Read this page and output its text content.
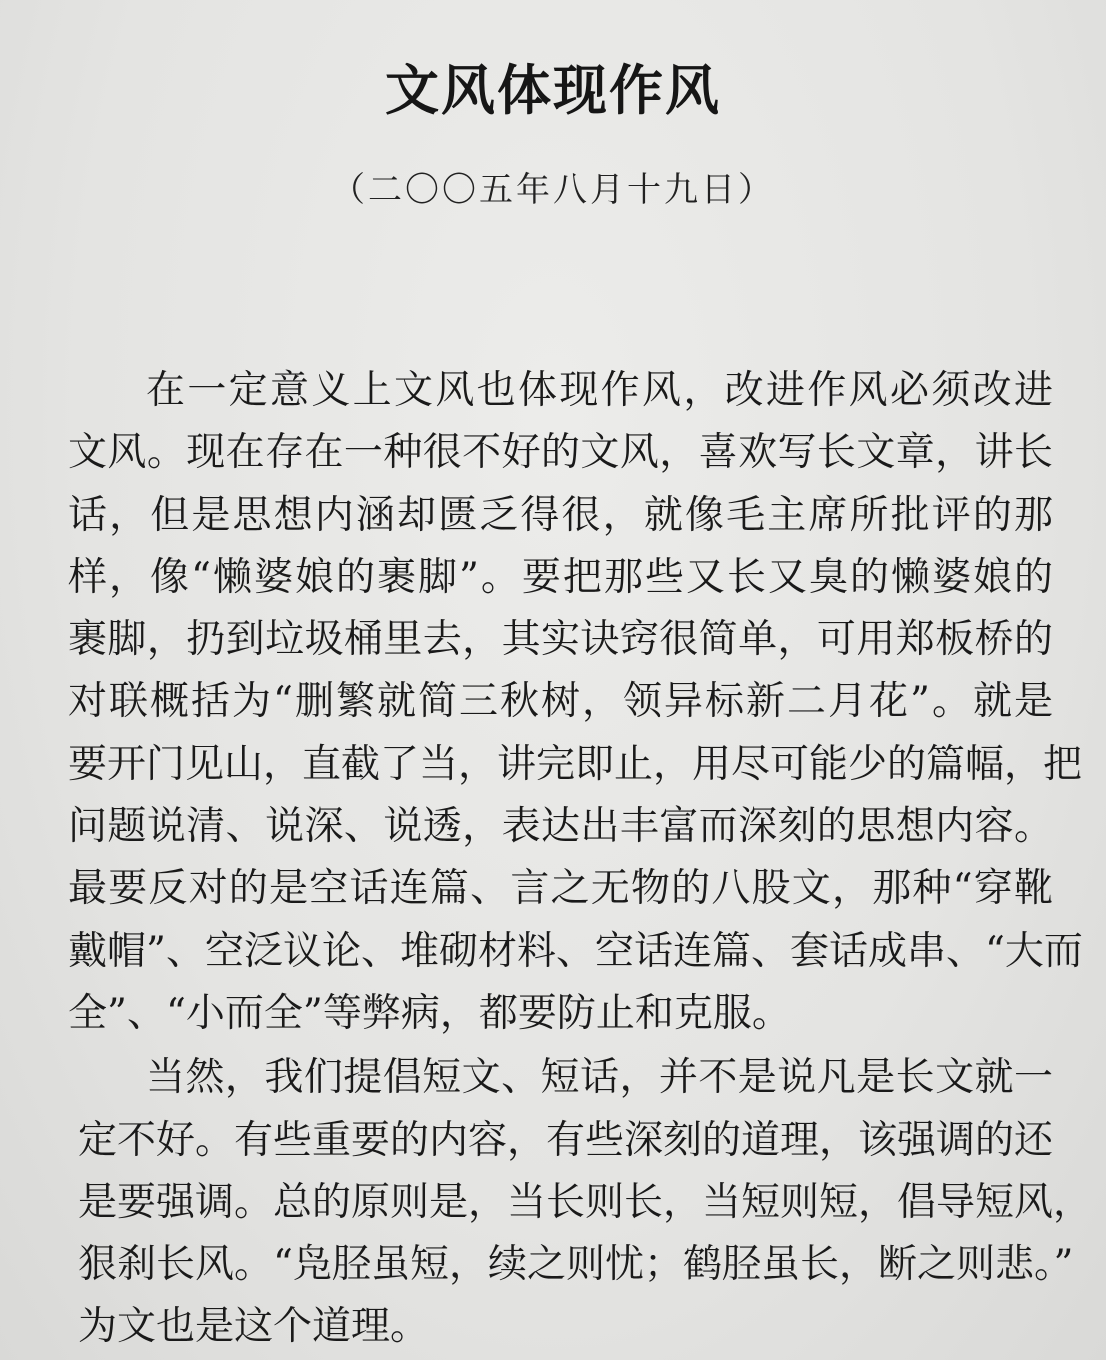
文风体现作风
（二〇〇五年八月十九日）
在一定意义上文风也体现作风，改进作风必须改进
文风。现在存在一种很不好的文风，喜欢写长文章，讲长
话，但是思想内涵却匮乏得很，就像毛主席所批评的那
样，像“懒婆娘的裹脚”。要把那些又长又臭的懒婆娘的
裹脚，扔到垃圾桶里去，其实诀窍很简单，可用郑板桥的
对联概括为“删繁就简三秋树，领异标新二月花”。就是
要开门见山，直截了当，讲完即止，用尽可能少的篇幅，把
问题说清、说深、说透，表达出丰富而深刻的思想内容。
最要反对的是空话连篇、言之无物的八股文，那种“穿靴
戴帽”、空泛议论、堆砌材料、空话连篇、套话成串、“大而
全”、“小而全”等弊病，都要防止和克服。
当然，我们提倡短文、短话，并不是说凡是长文就一
定不好。有些重要的内容，有些深刻的道理，该强调的还
是要强调。总的原则是，当长则长，当短则短，倡导短风，
狠刹长风。“凫胫虽短，续之则忧；鹤胫虽长，断之则悲。”
为文也是这个道理。
